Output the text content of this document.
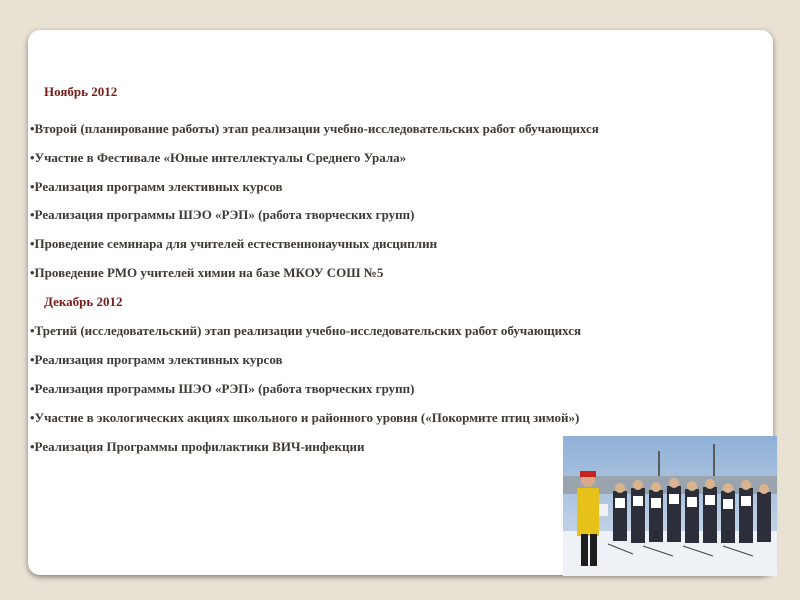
Ноябрь 2012
•Второй (планирование работы) этап реализации учебно-исследовательских работ обучающихся
•Участие в Фестивале «Юные интеллектуалы Среднего Урала»
•Реализация программ элективных курсов
•Реализация программы ШЭО «РЭП» (работа творческих групп)
•Проведение семинара для учителей естественнонаучных дисциплин
•Проведение РМО учителей химии на базе МКОУ СОШ №5
Декабрь 2012
•Третий (исследовательский) этап реализации учебно-исследовательских работ обучающихся
•Реализация программ элективных курсов
•Реализация программы ШЭО «РЭП» (работа творческих групп)
•Участие в экологических акциях школьного и районного уровня («Покормите птиц зимой»)
•Реализация Программы профилактики ВИЧ-инфекции
